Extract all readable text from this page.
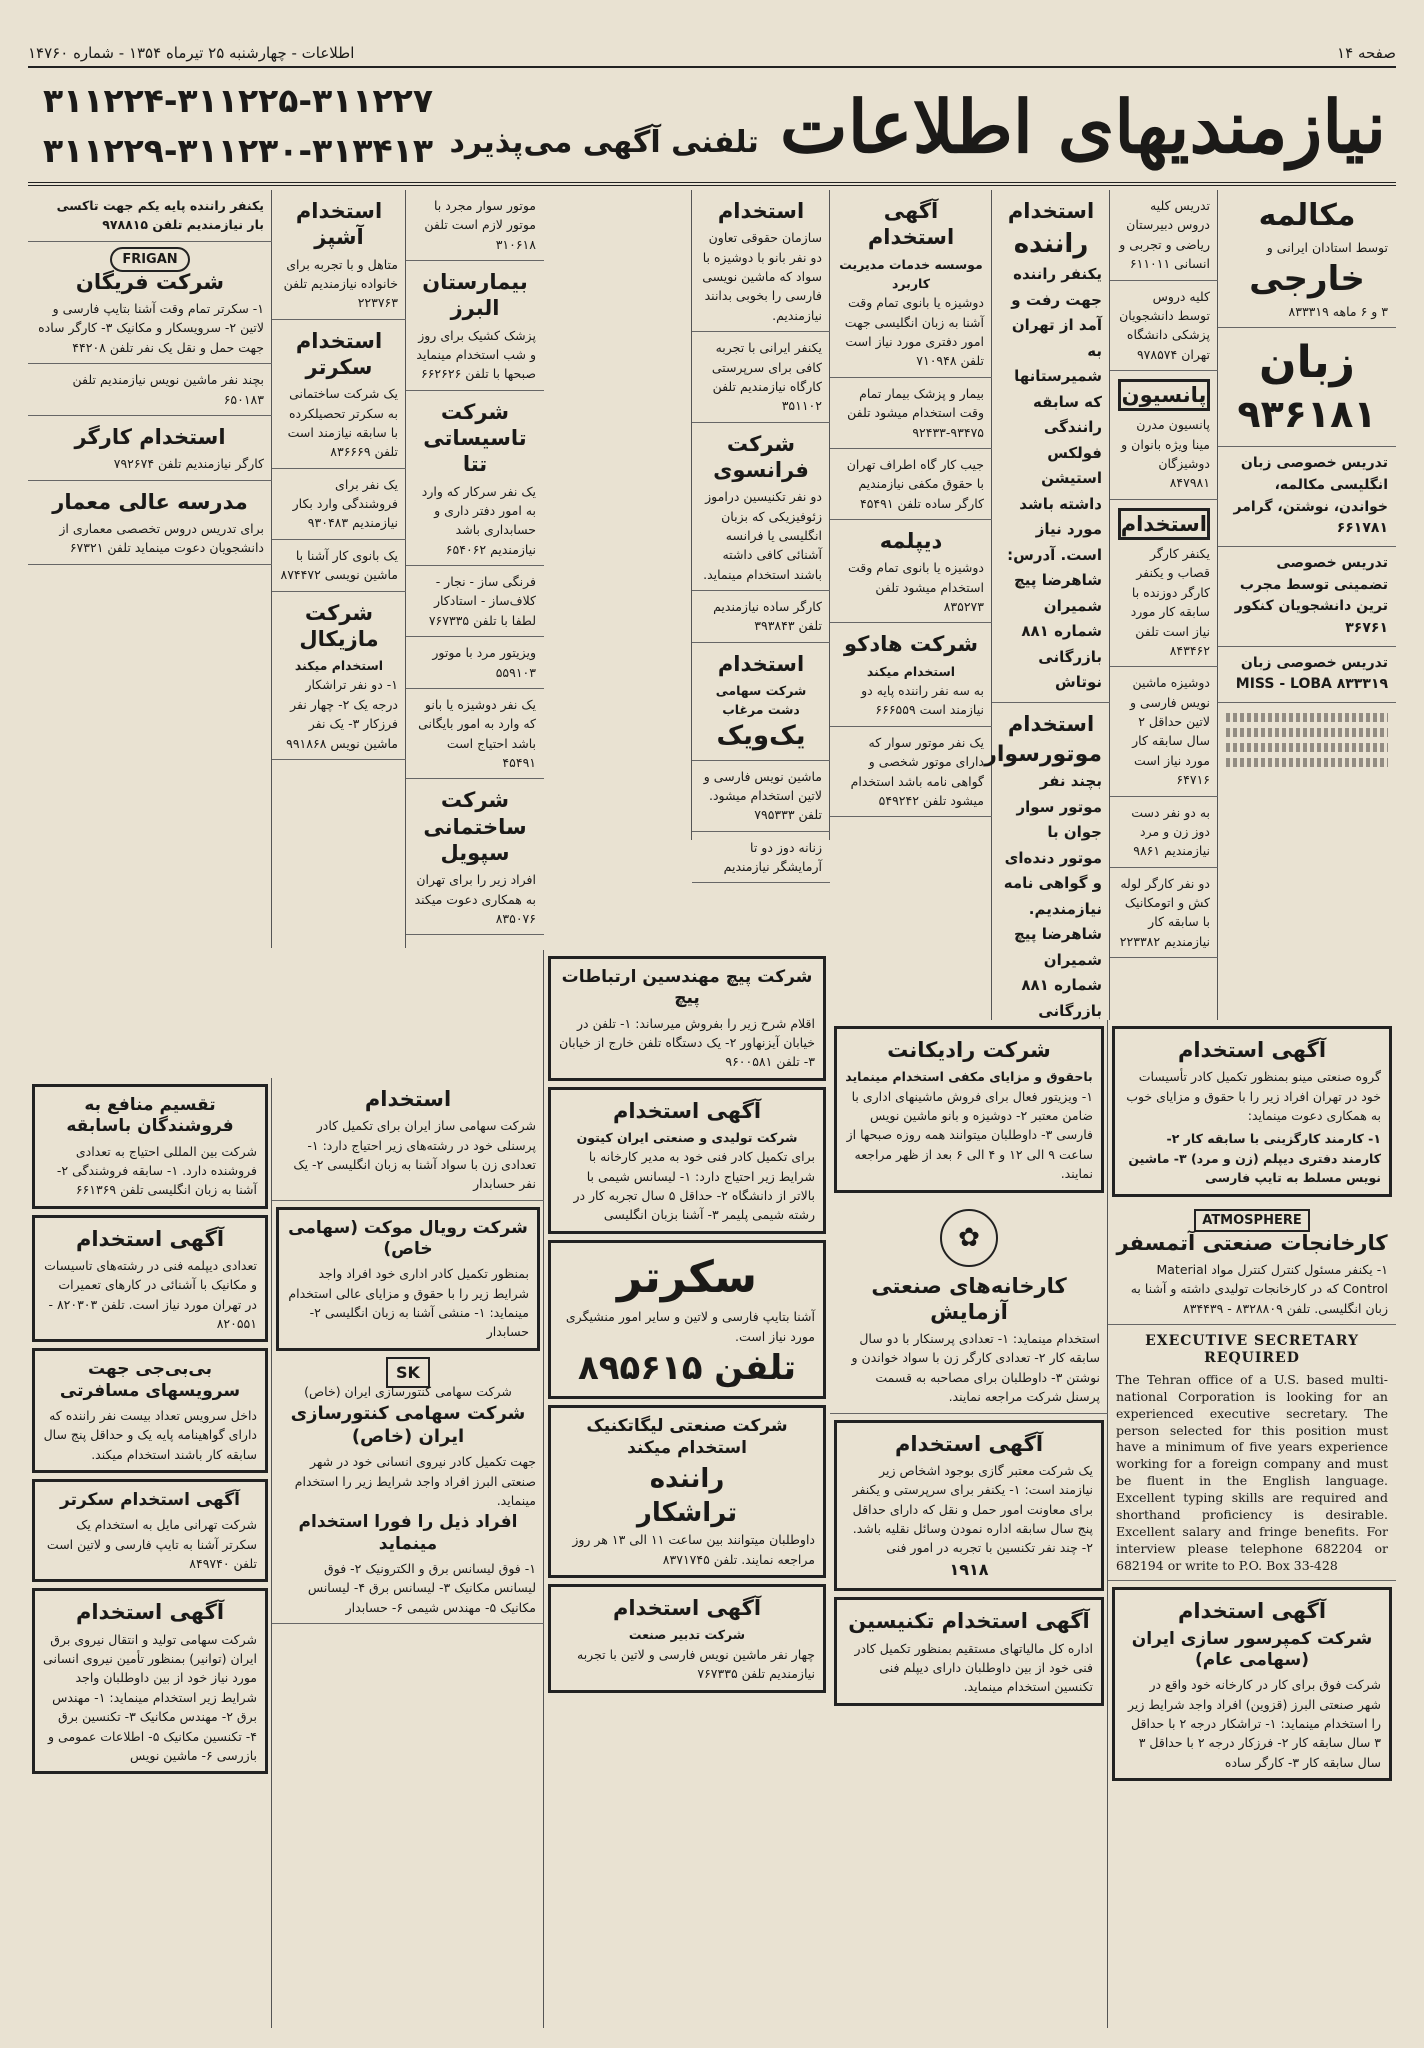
اطلاعات - چهارشنبه ۲۵ تیرماه ۱۳۵۴ - شماره ۱۴۷۶۰	صفحه ۱۴
۳۱۱۲۲۴-۳۱۱۲۲۵-۳۱۱۲۲۷
۳۱۱۲۲۹-۳۱۱۲۳۰-۳۱۳۴۱۳	نیازمندیهای اطلاعات تلفنی آگهی می‌پذیرد
مکالمه

توسط استادان ایرانی و

خارجی

۳ و ۶ ماهه ۸۳۳۳۱۹

زبان
۹۳۶۱۸۱

تدریس خصوصی زبان انگلیسی مکالمه، خواندن، نوشتن، گرامر ۶۶۱۷۸۱

تدریس خصوصی تضمینی توسط مجرب ترین دانشجویان کنکور ۳۶۷۶۱

تدریس خصوصی زبان MISS - LOBA ۸۳۳۳۱۹

تدریس کلیه دروس دبیرستان ریاضی و تجربی و انسانی ۶۱۱۰۱۱

کلیه دروس توسط دانشجویان پزشکی دانشگاه تهران ۹۷۸۵۷۴

پانسیون

پانسیون مدرن مینا ویژه بانوان و دوشیزگان ۸۴۷۹۸۱

استخدام

یکنفر کارگر قصاب و یکنفر کارگر دوزنده با سابقه کار مورد نیاز است تلفن ۸۴۳۴۶۲

دوشیزه ماشین نویس فارسی و لاتین حداقل ۲ سال سابقه کار مورد نیاز است ۶۴۷۱۶

به دو نفر دست دوز زن و مرد نیازمندیم ۹۸۶۱

دو نفر کارگر لوله کش و اتومکانیک با سابقه کار نیازمندیم ۲۲۳۳۸۲

استخدام
راننده

یکنفر راننده جهت رفت و آمد از تهران به شمیرستانها که سابقه رانندگی فولکس استیشن داشته باشد مورد نیاز است. آدرس: شاهرضا پیچ شمیران شماره ۸۸۱ بازرگانی نوتاش

استخدام
موتورسوار

بچند نفر موتور سوار جوان با موتور دنده‌ای و گواهی نامه نیازمندیم. شاهرضا پیچ شمیران شماره ۸۸۱ بازرگانی

آگهی استخدام

گروه صنعتی مینو بمنظور تکمیل کادر تأسیسات خود در تهران افراد زیر را با حقوق و مزایای خوب به همکاری دعوت مینماید:

۱- کارمند کارگزینی با سابقه کار ۲- کارمند دفتری دیپلم (زن و مرد) ۳- ماشین نویس مسلط به تایپ فارسی

ATMOSPHERE
کارخانجات صنعتی آتمسفر

۱- یکنفر مسئول کنترل کنترل مواد Material Control که در کارخانجات تولیدی داشته و آشنا به زبان انگلیسی. تلفن ۸۳۲۸۸۰۹ - ۸۳۴۴۳۹

EXECUTIVE SECRETARY REQUIRED

The Tehran office of a U.S. based multi-national Corporation is looking for an experienced executive secretary. The person selected for this position must have a minimum of five years experience working for a foreign company and must be fluent in the English language. Excellent typing skills are required and shorthand proficiency is desirable. Excellent salary and fringe benefits. For interview please telephone 682204 or 682194 or write to P.O. Box 33-428

آگهی استخدام
شرکت کمپرسور سازی ایران (سهامی عام)

شرکت فوق برای کار در کارخانه خود واقع در شهر صنعتی البرز (قزوین) افراد واجد شرایط زیر را استخدام مینماید: ۱- تراشکار درجه ۲ با حداقل ۳ سال سابقه کار ۲- فرزکار درجه ۲ با حداقل ۳ سال سابقه کار ۳- کارگر ساده

شرکت رادیکانت

باحقوق و مزایای مکفی استخدام مینماید

۱- ویزیتور فعال برای فروش ماشینهای اداری با ضامن معتبر ۲- دوشیزه و بانو ماشین نویس فارسی ۳- داوطلبان میتوانند همه روزه صبحها از ساعت ۹ الی ۱۲ و ۴ الی ۶ بعد از ظهر مراجعه نمایند.

✿
کارخانه‌های صنعتی آزمایش

استخدام مینماید: ۱- تعدادی پرسنکار با دو سال سابقه کار ۲- تعدادی کارگر زن با سواد خواندن و نوشتن ۳- داوطلبان برای مصاحبه به قسمت پرسنل شرکت مراجعه نمایند.

آگهی استخدام

یک شرکت معتبر گازی بوجود اشخاص زیر نیازمند است: ۱- یکنفر برای سرپرستی و یکنفر برای معاونت امور حمل و نقل که دارای حداقل پنج سال سابقه اداره نمودن وسائل نقلیه باشد. ۲- چند نفر تکنسین با تجربه در امور فنی

۱۹۱۸

آگهی استخدام تکنیسین

اداره کل مالیاتهای مستقیم بمنظور تکمیل کادر فنی خود از بین داوطلبان دارای دیپلم فنی تکنسین استخدام مینماید.

آگهی استخدام

موسسه خدمات مدیریت کاربرد

دوشیزه یا بانوی تمام وقت آشنا به زبان انگلیسی جهت امور دفتری مورد نیاز است تلفن ۷۱۰۹۴۸

بیمار و پزشک بیمار تمام وقت استخدام میشود تلفن ۹۳۴۷۵-۹۲۴۳۳

جیب کار گاه اطراف تهران با حقوق مکفی نیازمندیم کارگر ساده تلفن ۴۵۴۹۱

دیپلمه

دوشیزه یا بانوی تمام وقت استخدام میشود تلفن ۸۳۵۲۷۳

شرکت هادکو

استخدام میکند

به سه نفر راننده پایه دو نیازمند است ۶۶۶۵۵۹

یک نفر موتور سوار که دارای موتور شخصی و گواهی نامه باشد استخدام میشود تلفن ۵۴۹۲۴۲

استخدام

سازمان حقوقی تعاون دو نفر بانو با دوشیزه با سواد که ماشین نویسی فارسی را بخوبی بدانند نیازمندیم.

یکنفر ایرانی با تجربه کافی برای سرپرستی کارگاه نیازمندیم تلفن ۳۵۱۱۰۲

شرکت فرانسوی

دو نفر تکنیسین دراموز زئوفیزیکی که بزبان انگلیسی یا فرانسه آشنائی کافی داشته باشند استخدام مینماید.

کارگر ساده نیازمندیم تلفن ۳۹۳۸۴۳

استخدام

شرکت سهامی دشت مرغاب

یک‌ویک

ماشین نویس فارسی و لاتین استخدام میشود. تلفن ۷۹۵۳۳۳

زنانه دوز دو تا آرمایشگر نیازمندیم

شرکت پیچ مهندسین ارتباطات پیچ

اقلام شرح زیر را بفروش میرساند: ۱- تلفن در خیابان آیزنهاور ۲- یک دستگاه تلفن خارج از خیابان ۳- تلفن ۹۶۰۰۵۸۱

آگهی استخدام

شرکت تولیدی و صنعتی ایران کیتون

برای تکمیل کادر فنی خود به مدیر کارخانه با شرایط زیر احتیاج دارد: ۱- لیسانس شیمی با بالاتر از دانشگاه ۲- حداقل ۵ سال تجربه کار در رشته شیمی پلیمر ۳- آشنا بزبان انگلیسی

سکرتر

آشنا بتایپ فارسی و لاتین و سایر امور منشیگری مورد نیاز است.

تلفن ۸۹۵۶۱۵
شرکت صنعتی لیگاتکنیک استخدام میکند
راننده
تراشکار

داوطلبان میتوانند بین ساعت ۱۱ الی ۱۳ هر روز مراجعه نمایند. تلفن ۸۳۷۱۷۴۵

آگهی استخدام

شرکت تدبیر صنعت

چهار نفر ماشین نویس فارسی و لاتین با تجربه نیازمندیم تلفن ۷۶۷۳۳۵

موتور سوار مجرد با موتور لازم است تلفن ۳۱۰۶۱۸

بیمارستان البرز

پزشک کشیک برای روز و شب استخدام مینماید صبحها با تلفن ۶۶۲۶۲۶

شرکت تاسیساتی تتا

یک نفر سرکار که وارد به امور دفتر داری و حسابداری باشد نیازمندیم ۶۵۴۰۶۲

فرنگی ساز - نجار - کلاف‌ساز - استادکار لطفا با تلفن ۷۶۷۳۳۵

ویزیتور مرد با موتور ۵۵۹۱۰۳

یک نفر دوشیزه یا بانو که وارد به امور بایگانی باشد احتیاج است ۴۵۴۹۱

شرکت ساختمانی سپویل

افراد زیر را برای تهران به همکاری دعوت میکند ۸۳۵۰۷۶

استخدام آشپز

متاهل و با تجربه برای خانواده نیازمندیم تلفن ۲۲۳۷۶۳

استخدام سکرتر

یک شرکت ساختمانی به سکرتر تحصیلکرده با سابقه نیازمند است تلفن ۸۳۶۶۶۹

یک نفر برای فروشندگی وارد بکار نیازمندیم ۹۳۰۴۸۳

یک بانوی کار آشنا با ماشین نویسی ۸۷۴۴۷۲

شرکت مازیکال

استخدام میکند

۱- دو نفر تراشکار درجه یک ۲- چهار نفر فرزکار ۳- یک نفر ماشین نویس ۹۹۱۸۶۸

یکنفر راننده پایه یکم جهت تاکسی بار نیازمندیم تلفن ۹۷۸۸۱۵

FRIGAN
شرکت فریگان

۱- سکرتر تمام وقت آشنا بتایپ فارسی و لاتین ۲- سرویسکار و مکانیک ۳- کارگر ساده جهت حمل و نقل یک نفر تلفن ۴۴۲۰۸

بچند نفر ماشین نویس نیازمندیم تلفن ۶۵۰۱۸۳

استخدام کارگر

کارگر نیازمندیم تلفن ۷۹۲۶۷۴

مدرسه عالی معمار

برای تدریس دروس تخصصی معماری از دانشجویان دعوت مینماید تلفن ۶۷۳۲۱

استخدام

شرکت سهامی ساز ایران برای تکمیل کادر پرسنلی خود در رشته‌های زیر احتیاج دارد: ۱- تعدادی زن با سواد آشنا به زبان انگلیسی ۲- یک نفر حسابدار

شرکت رویال موکت (سهامی خاص)

بمنظور تکمیل کادر اداری خود افراد واجد شرایط زیر را با حقوق و مزایای عالی استخدام مینماید: ۱- منشی آشنا به زبان انگلیسی ۲- حسابدار

SK

شرکت سهامی کنتورسازی ایران (خاص)

شرکت سهامی کنتورسازی ایران (خاص)

جهت تکمیل کادر نیروی انسانی خود در شهر صنعتی البرز افراد واجد شرایط زیر را استخدام مینماید.

افراد ذیل را فورا استخدام مینماید

۱- فوق لیسانس برق و الکترونیک ۲- فوق لیسانس مکانیک ۳- لیسانس برق ۴- لیسانس مکانیک ۵- مهندس شیمی ۶- حسابدار

تقسیم منافع به فروشندگان باسابقه

شرکت بین المللی احتیاج به تعدادی فروشنده دارد. ۱- سابقه فروشندگی ۲- آشنا به زبان انگلیسی تلفن ۶۶۱۳۶۹

آگهی استخدام

تعدادی دیپلمه فنی در رشته‌های تاسیسات و مکانیک با آشنائی در کارهای تعمیرات در تهران مورد نیاز است. تلفن ۸۲۰۳۰۳ - ۸۲۰۵۵۱

بی‌بی‌جی جهت سرویسهای مسافرتی

داخل سرویس تعداد بیست نفر راننده که دارای گواهینامه پایه یک و حداقل پنج سال سابقه کار باشند استخدام میکند.

آگهی استخدام سکرتر

شرکت تهرانی مایل به استخدام یک سکرتر آشنا به تایپ فارسی و لاتین است تلفن ۸۴۹۷۴۰

آگهی استخدام

شرکت سهامی تولید و انتقال نیروی برق ایران (توانیر) بمنظور تأمین نیروی انسانی مورد نیاز خود از بین داوطلبان واجد شرایط زیر استخدام مینماید: ۱- مهندس برق ۲- مهندس مکانیک ۳- تکنسین برق ۴- تکنسین مکانیک ۵- اطلاعات عمومی و بازرسی ۶- ماشین نویس
